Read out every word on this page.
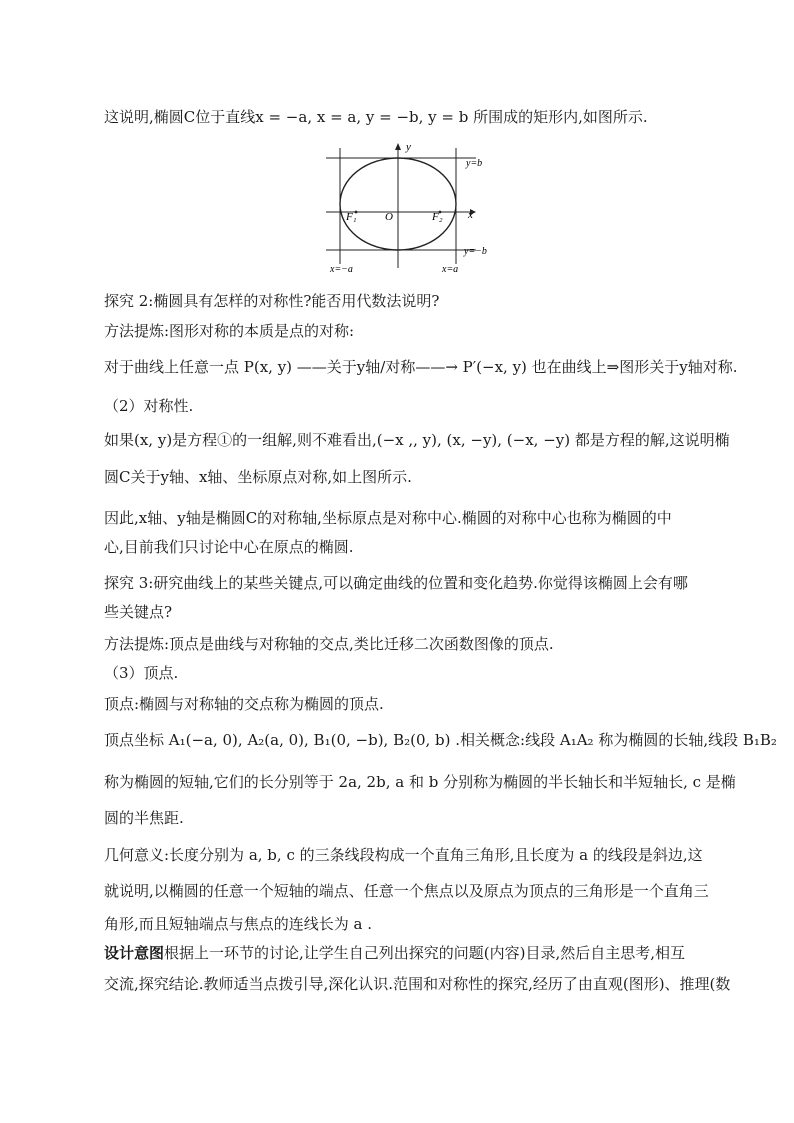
这说明,椭圆C位于直线x = −a, x = a, y = −b, y = b 所围成的矩形内,如图所示.

y
x
O
F₁	F₂
y=b
y=−b
x=−a	x=a

探究 2:椭圆具有怎样的对称性?能否用代数法说明?

方法提炼:图形对称的本质是点的对称:

对于曲线上任意一点 P(x, y) ——关于y轴/对称——→ P′(−x, y) 也在曲线上⇒图形关于y轴对称.

（2）对称性.

如果(x, y)是方程①的一组解,则不难看出,(−x ,, y), (x, −y), (−x, −y) 都是方程的解,这说明椭

圆C关于y轴、x轴、坐标原点对称,如上图所示.

因此,x轴、y轴是椭圆C的对称轴,坐标原点是对称中心.椭圆的对称中心也称为椭圆的中

心,目前我们只讨论中心在原点的椭圆.

探究 3:研究曲线上的某些关键点,可以确定曲线的位置和变化趋势.你觉得该椭圆上会有哪

些关键点?

方法提炼:顶点是曲线与对称轴的交点,类比迁移二次函数图像的顶点.

（3）顶点.

顶点:椭圆与对称轴的交点称为椭圆的顶点.

顶点坐标 A₁(−a, 0), A₂(a, 0), B₁(0, −b), B₂(0, b) .相关概念:线段 A₁A₂ 称为椭圆的长轴,线段 B₁B₂

称为椭圆的短轴,它们的长分别等于 2a, 2b, a 和 b 分别称为椭圆的半长轴长和半短轴长, c 是椭

圆的半焦距.

几何意义:长度分别为 a, b, c 的三条线段构成一个直角三角形,且长度为 a 的线段是斜边,这

就说明,以椭圆的任意一个短轴的端点、任意一个焦点以及原点为顶点的三角形是一个直角三

角形,而且短轴端点与焦点的连线长为 a .

设计意图根据上一环节的讨论,让学生自己列出探究的问题(内容)目录,然后自主思考,相互

交流,探究结论.教师适当点拨引导,深化认识.范围和对称性的探究,经历了由直观(图形)、推理(数
